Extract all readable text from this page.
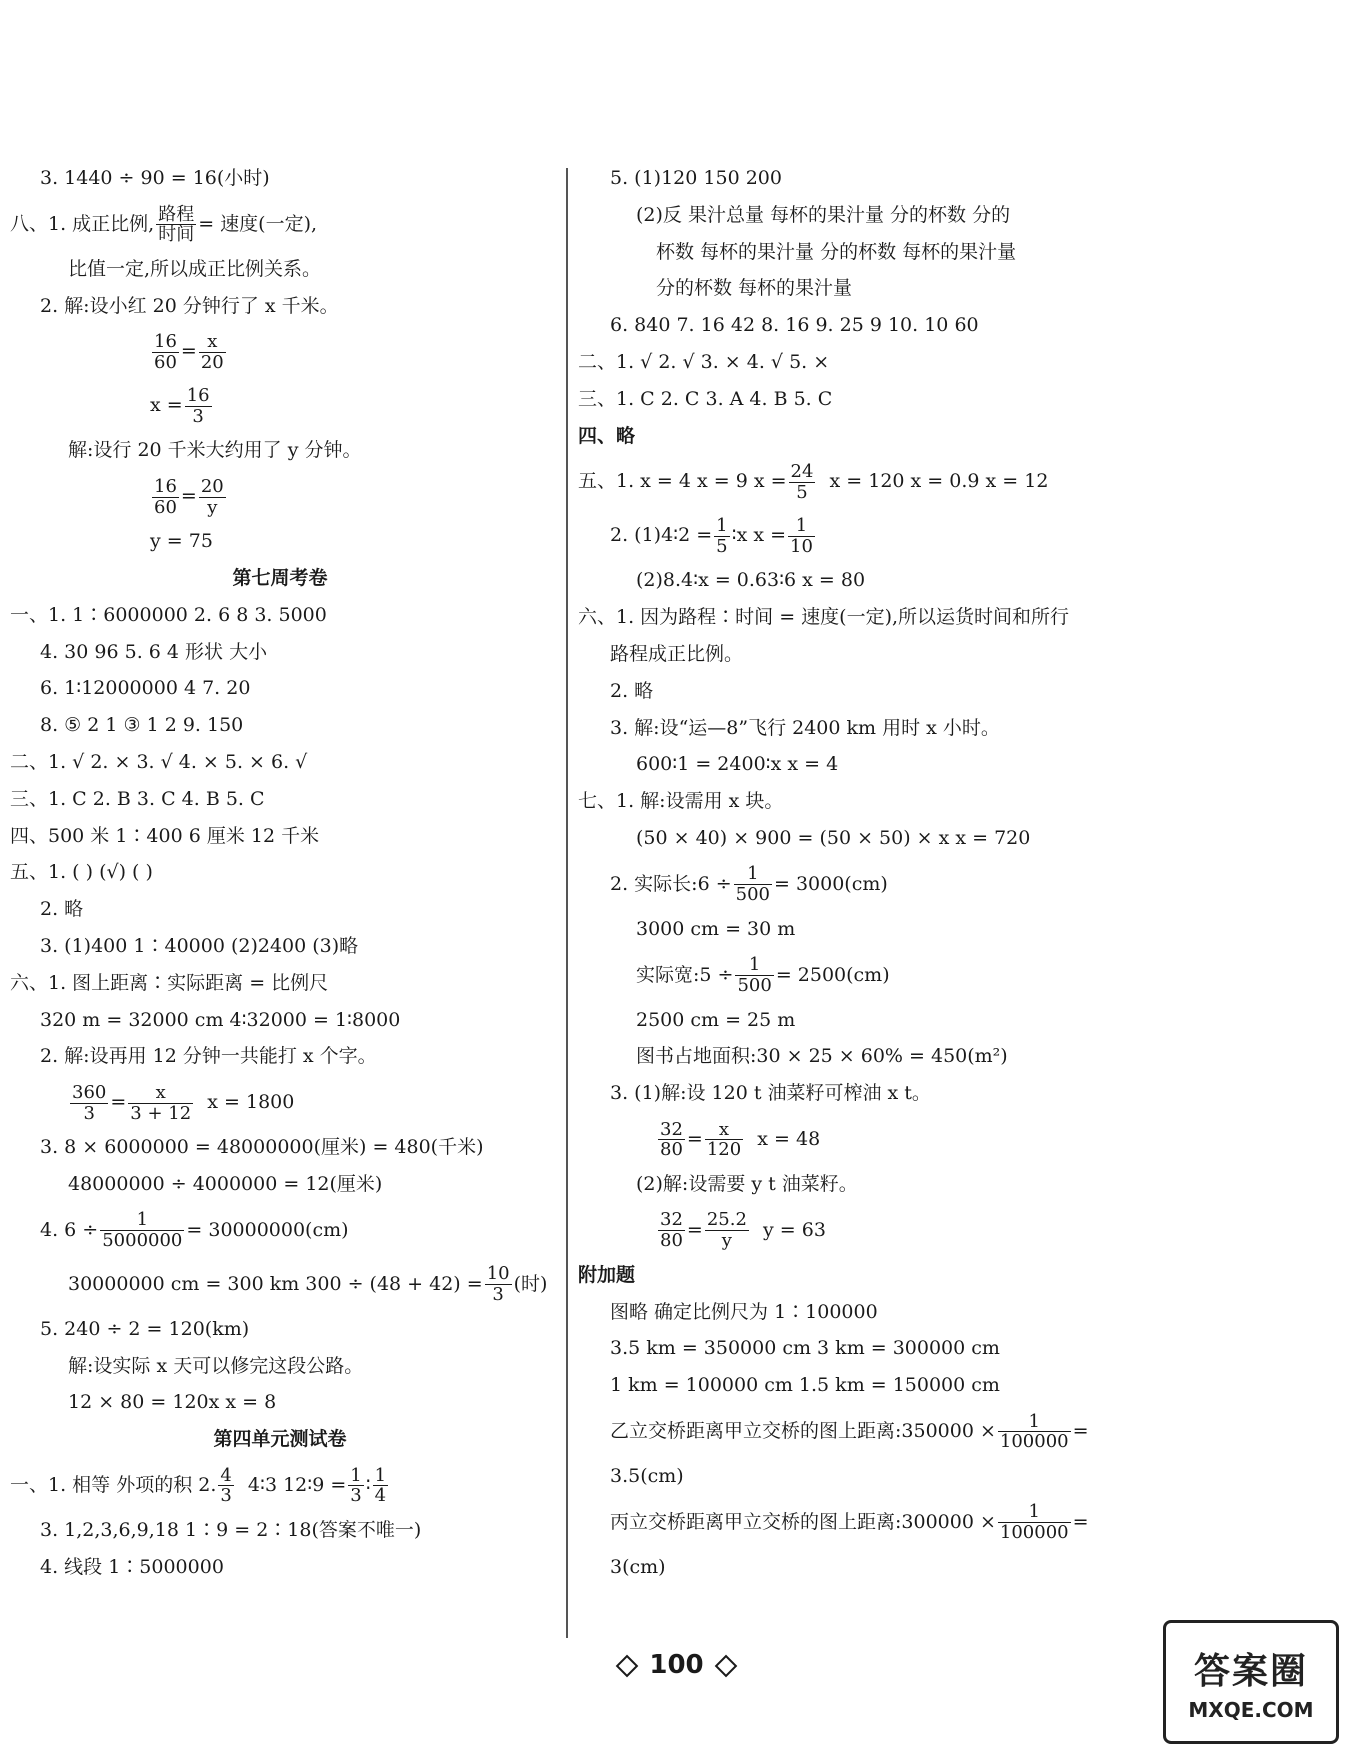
3. 1440 ÷ 90 = 16(小时)
八、1. 成正比例, $\frac{\text{路程}}{\text{时间}}$ = 速度(一定),
比值一定,所以成正比例关系。
2. 解:设小红 20 分钟行了 x 千米。
$\frac{16}{60} = \frac{x}{20}$
$x = \frac{16}{3}$
解:设行 20 千米大约用了 y 分钟。
$\frac{16}{60} = \frac{20}{y}$
y = 75
第七周考卷
一、1. 1∶6000000 2. 6 8 3. 5000
4. 30 96 5. 6 4 形状 大小
6. 1∶12000000 4 7. 20
8. ⑤ 2 1 ③ 1 2 9. 150
二、1. √ 2. × 3. √ 4. × 5. × 6. √
三、1. C 2. B 3. C 4. B 5. C
四、500 米 1∶400 6 厘米 12 千米
五、1. ( ) (√) ( )
2. 略
3. (1)400 1∶40000 (2)2400 (3)略
六、1. 图上距离∶实际距离 = 比例尺
320 m = 32000 cm 4∶32000 = 1∶8000
2. 解:设再用 12 分钟一共能打 x 个字。
$\frac{360}{3} = \frac{x}{3 + 12}$ x = 1800
3. 8 × 6000000 = 48000000(厘米) = 480(千米)
48000000 ÷ 4000000 = 12(厘米)
4. $6 \div \frac{1}{5000000} = 30000000(cm)$
30000000 cm = 300 km $300 \div (48 + 42) = \frac{10}{3}$ (时)
5. 240 ÷ 2 = 120(km)
解:设实际 x 天可以修完这段公路。
12 × 80 = 120x x = 8
第四单元测试卷
一、1. 相等 外项的积 2. $\frac{4}{3}$ 4∶3 12∶9 = $\frac{1}{3}$ ∶ $\frac{1}{4}$
3. 1,2,3,6,9,18 1∶9 = 2∶18(答案不唯一)
4. 线段 1∶5000000
5. (1)120 150 200
(2)反 果汁总量 每杯的果汁量 分的杯数 分的
杯数 每杯的果汁量 分的杯数 每杯的果汁量
分的杯数 每杯的果汁量
6. 840 7. 16 42 8. 16 9. 25 9 10. 10 60
二、1. √ 2. √ 3. × 4. √ 5. ×
三、1. C 2. C 3. A 4. B 5. C
四、略
五、1. x = 4 x = 9 $x = \frac{24}{5}$ x = 120 x = 0.9 x = 12
2. (1)4∶2 = $\frac{1}{5}$ ∶x $x = \frac{1}{10}$
(2)8.4∶x = 0.63∶6 x = 80
六、1. 因为路程∶时间 = 速度(一定),所以运货时间和所行
路程成正比例。
2. 略
3. 解:设“运—8”飞行 2400 km 用时 x 小时。
600∶1 = 2400∶x x = 4
七、1. 解:设需用 x 块。
(50 × 40) × 900 = (50 × 50) × x x = 720
2. 实际长:6 ÷ $\frac{1}{500} = 3000(cm)$
3000 cm = 30 m
实际宽:5 ÷ $\frac{1}{500} = 2500(cm)$
2500 cm = 25 m
图书占地面积:30 × 25 × 60% = 450(m²)
3. (1)解:设 120 t 油菜籽可榨油 x t。
$\frac{32}{80} = \frac{x}{120}$ x = 48
(2)解:设需要 y t 油菜籽。
$\frac{32}{80} = \frac{25.2}{y}$ y = 63
附加题
图略 确定比例尺为 1∶100000
3.5 km = 350000 cm 3 km = 300000 cm
1 km = 100000 cm 1.5 km = 150000 cm
乙立交桥距离甲立交桥的图上距离:350000 × $\frac{1}{100000}$ =
3.5(cm)
丙立交桥距离甲立交桥的图上距离:300000 × $\frac{1}{100000}$ =
3(cm)
100	答案圈
MXQE.COM
